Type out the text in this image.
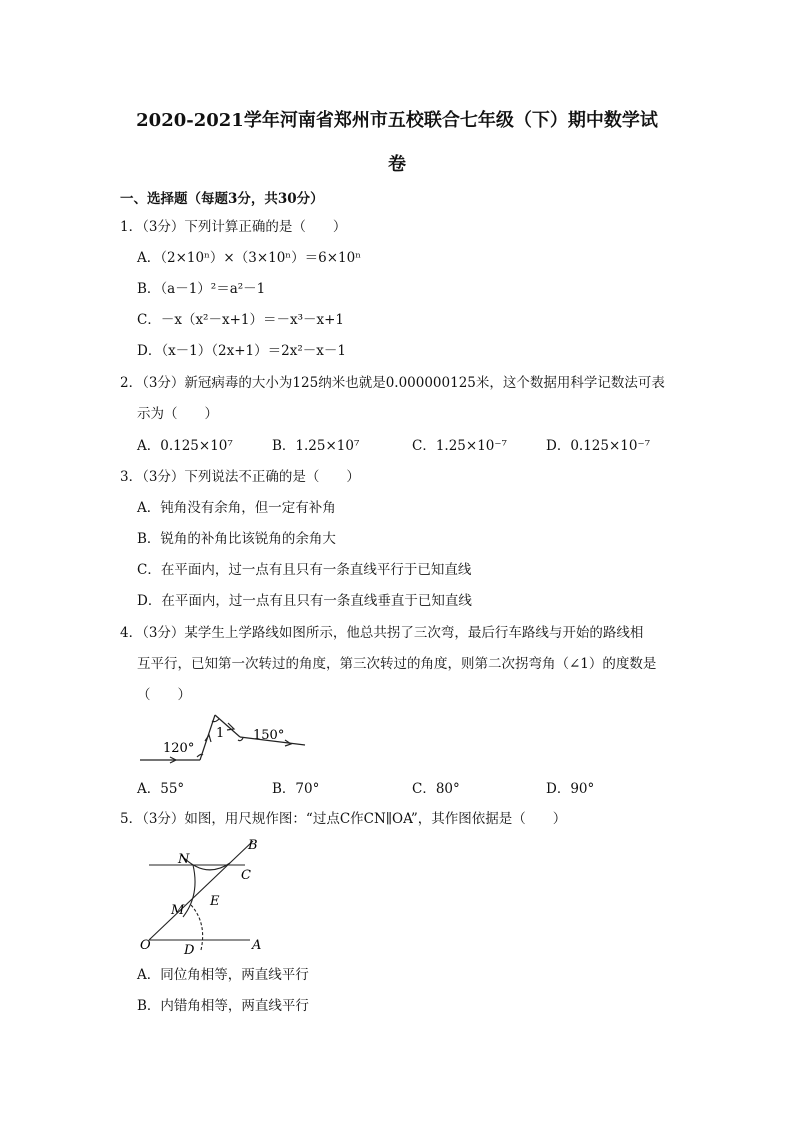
2020-2021学年河南省郑州市五校联合七年级（下）期中数学试
卷
一、选择题（每题3分，共30分）
1．（3分）下列计算正确的是（　　）
A．（2×10ⁿ）×（3×10ⁿ）＝6×10ⁿ
B．（a－1）²＝a²－1
C．－x（x²－x+1）＝－x³－x+1
D．（x－1）（2x+1）＝2x²－x－1
2．（3分）新冠病毒的大小为125纳米也就是0.000000125米，这个数据用科学记数法可表
示为（　　）
A．0.125×10⁷	B．1.25×10⁷	C．1.25×10⁻⁷	D．0.125×10⁻⁷
3．（3分）下列说法不正确的是（　　）
A．钝角没有余角，但一定有补角
B．锐角的补角比该锐角的余角大
C．在平面内，过一点有且只有一条直线平行于已知直线
D．在平面内，过一点有且只有一条直线垂直于已知直线
4．（3分）某学生上学路线如图所示，他总共拐了三次弯，最后行车路线与开始的路线相
互平行，已知第一次转过的角度，第三次转过的角度，则第二次拐弯角（∠1）的度数是
（　　）
120°
1 150°
A．55°	B．70°	C．80°	D．90°
5．（3分）如图，用尺规作图：“过点C作CN∥OA”，其作图依据是（　　）
N
B
C
E
M
O	D	A
A．同位角相等，两直线平行
B．内错角相等，两直线平行
